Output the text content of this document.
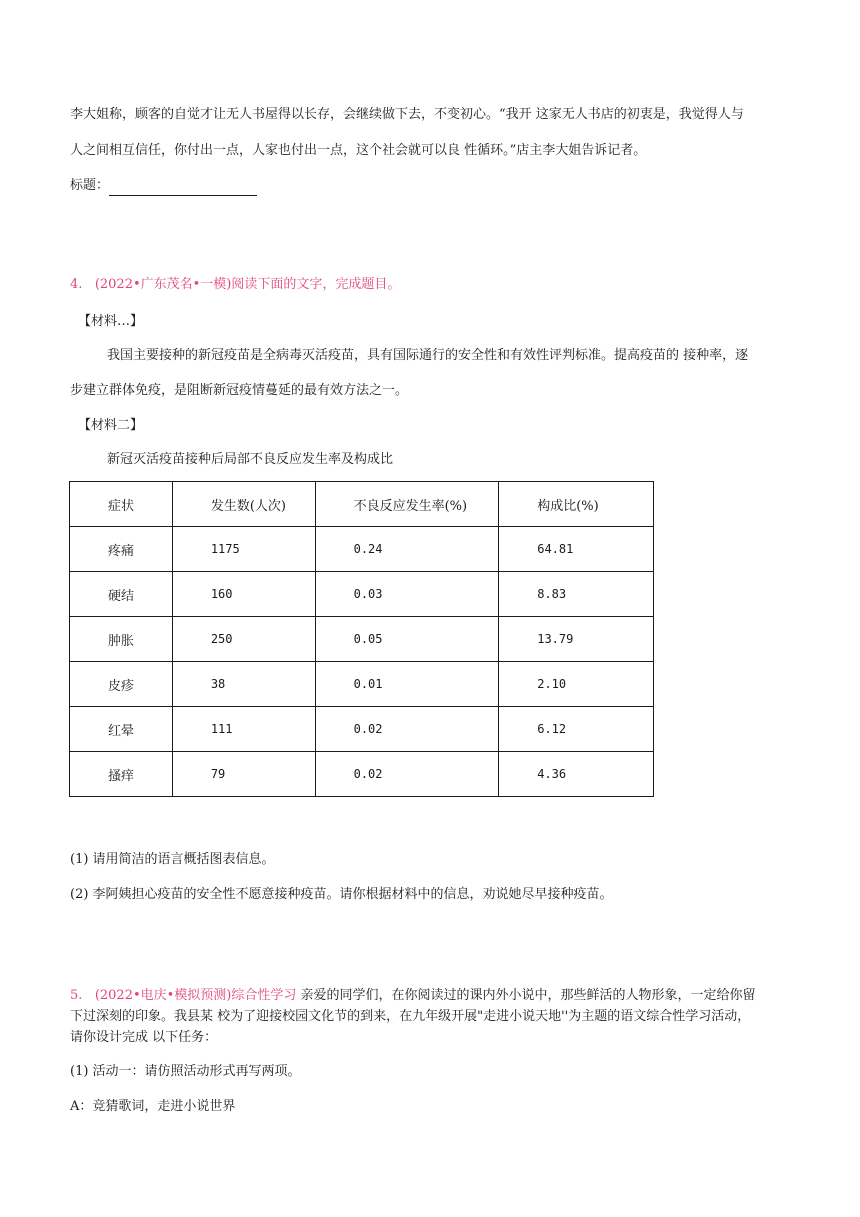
李大姐称，顾客的自觉才让无人书屋得以长存，会继续做下去，不变初心。“我开 这家无人书店的初衷是，我觉得人与
人之间相互信任，你付出一点，人家也付出一点，这个社会就可以良 性循环。”店主李大姐告诉记者。
标题：
4. (2022•广东茂名•一模)阅读下面的文字，完成题目。
【材料…】
我国主要接种的新冠疫苗是全病毒灭活疫苗，具有国际通行的安全性和有效性评判标准。提高疫苗的 接种率，逐
步建立群体免疫，是阻断新冠疫情蔓延的最有效方法之一。
【材料二】
新冠灭活疫苗接种后局部不良反应发生率及构成比
症状	发生数(人次)	不良反应发生率(%)	构成比(%)
疼痛	1175	0.24	64.81
硬结	160	0.03	8.83
肿胀	250	0.05	13.79
皮疹	38	0.01	2.10
红晕	111	0.02	6.12
搔痒	79	0.02	4.36
(1) 请用简洁的语言概括图表信息。
(2) 李阿姨担心疫苗的安全性不愿意接种疫苗。请你根据材料中的信息，劝说她尽早接种疫苗。
5. (2022•电庆•模拟预测)综合性学习 亲爱的同学们，在你阅读过的课内外小说中，那些鲜活的人物形象，一定给你留
下过深刻的印象。我县某 校为了迎接校园文化节的到来，在九年级开展"走进小说天地''为主题的语文综合性学习活动，
请你设计完成 以下任务：
(1) 活动一：请仿照活动形式再写两项。
A：竞猜歌词，走进小说世界
